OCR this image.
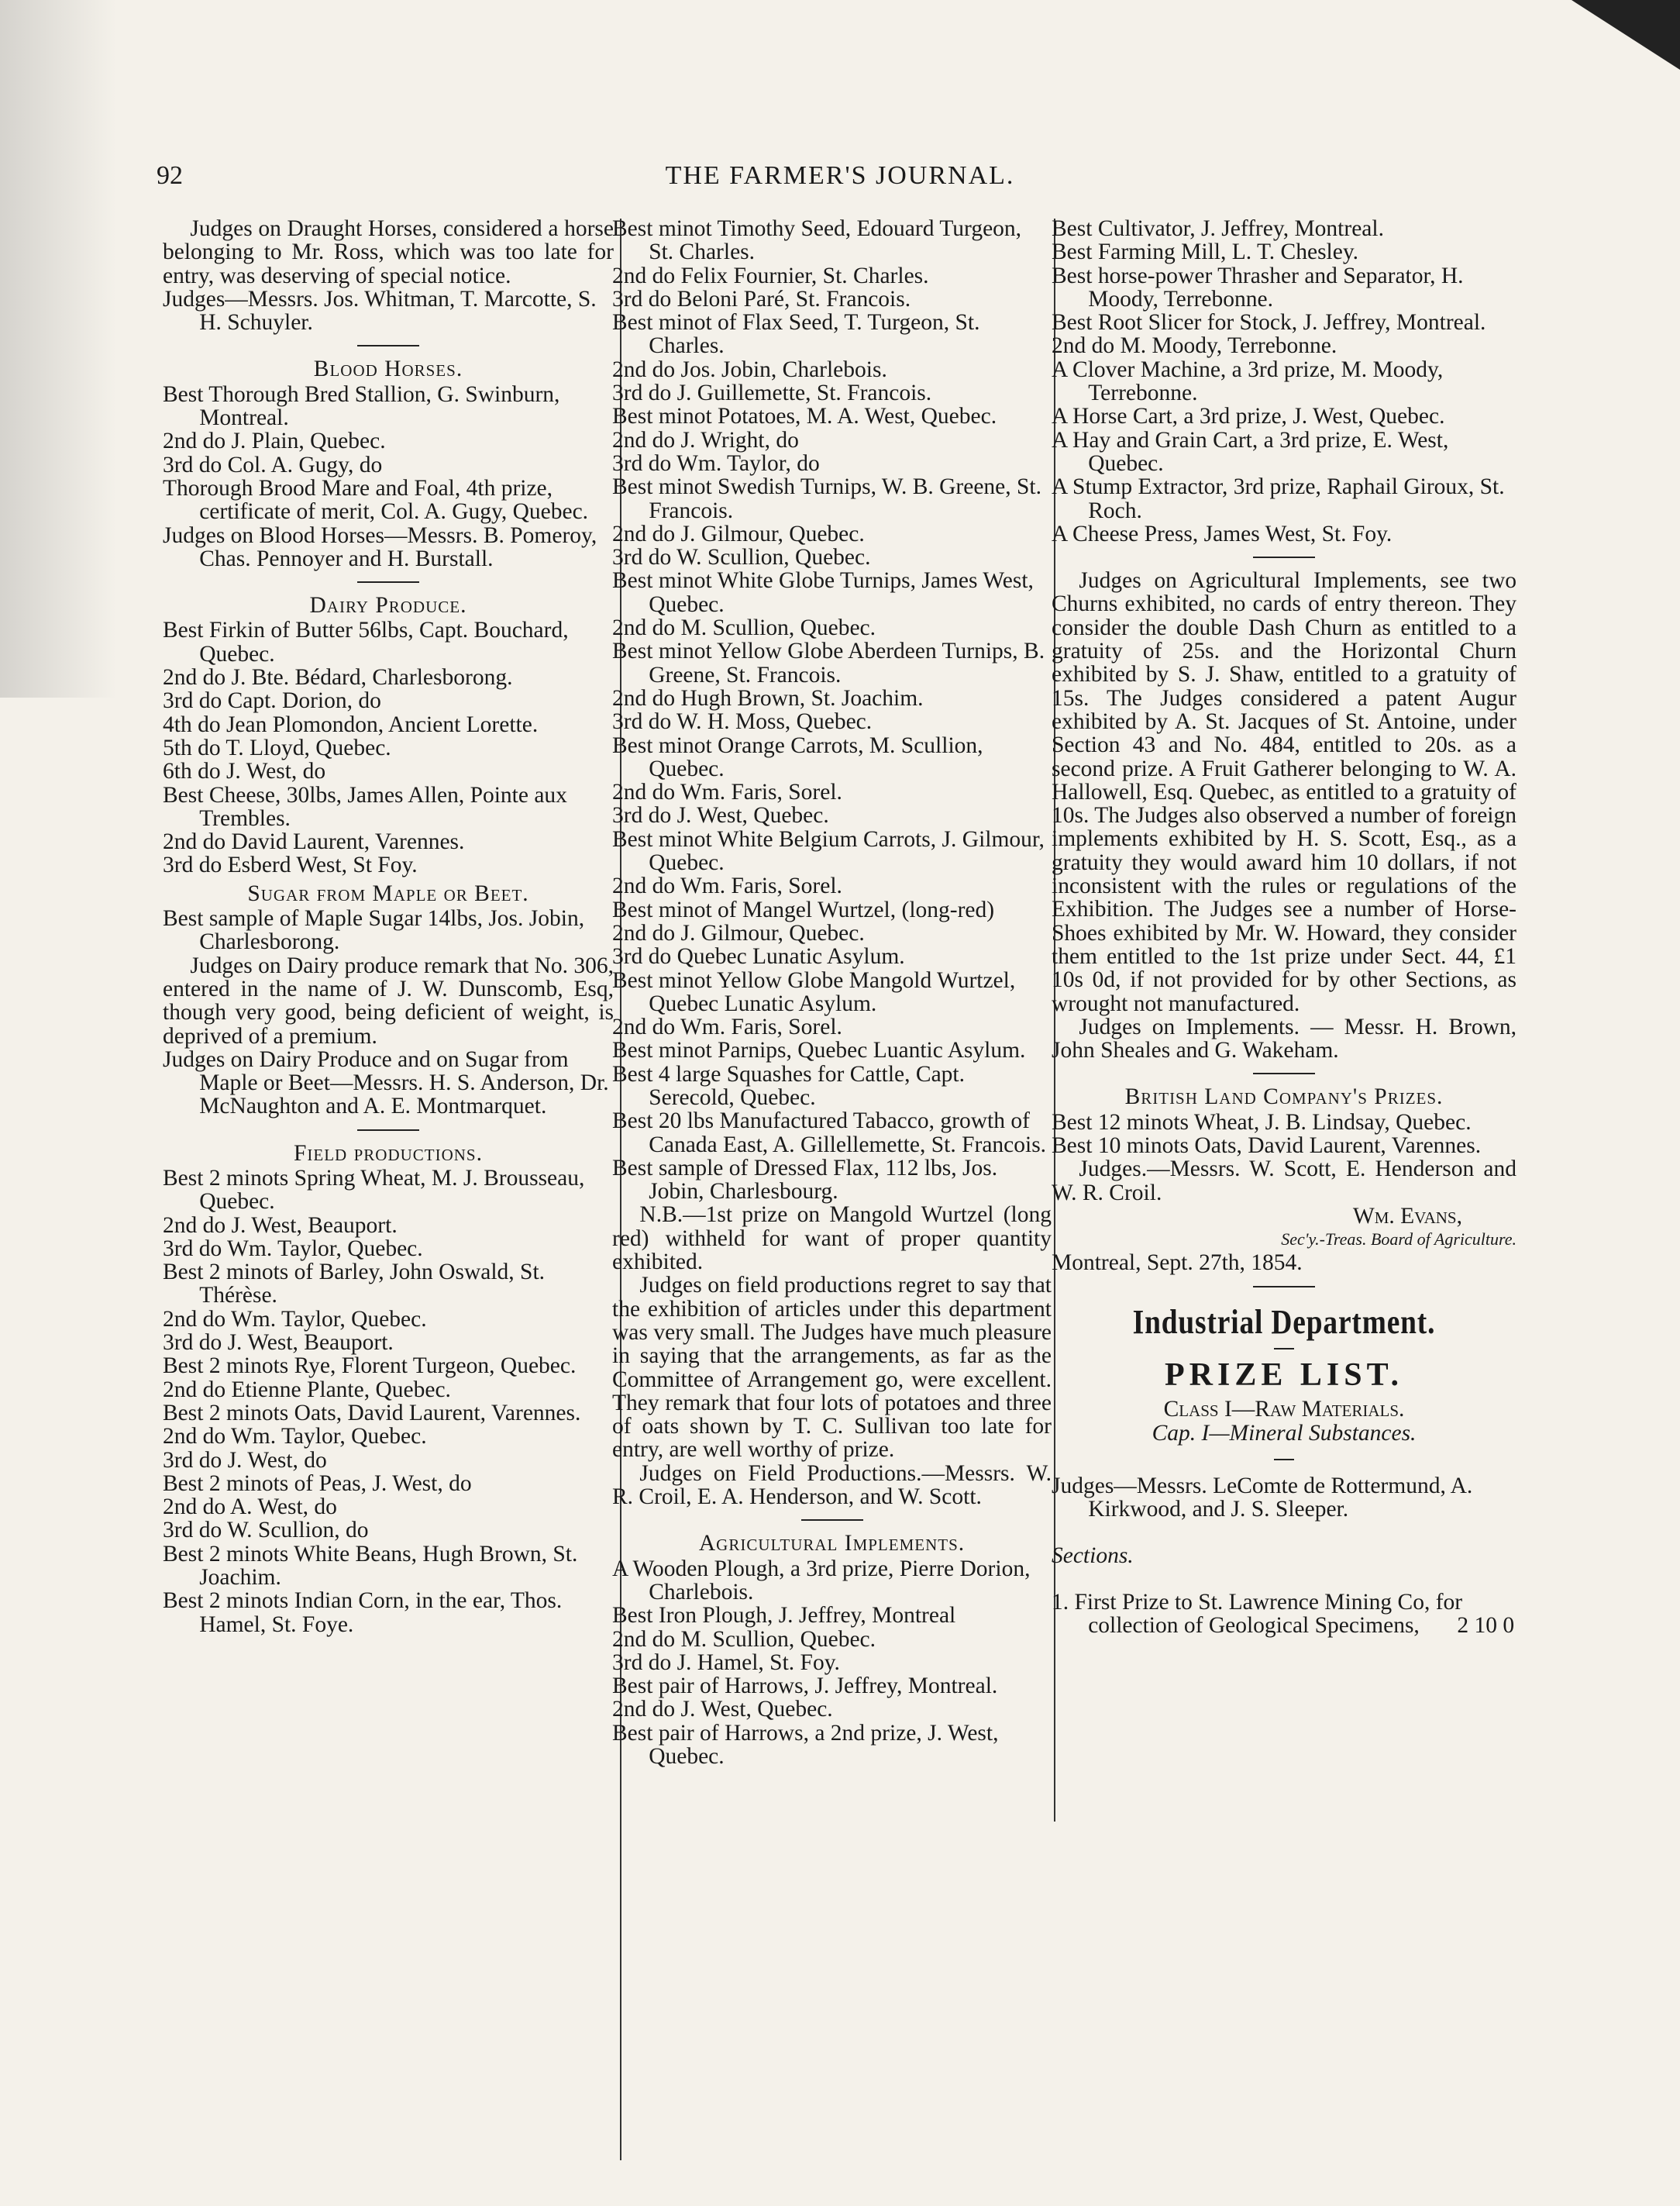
92	THE FARMER'S JOURNAL.

Judges on Draught Horses, considered a horse belonging to Mr. Ross, which was too late for entry, was deserving of special notice.

Judges—Messrs. Jos. Whitman, T. Marcotte, S. H. Schuyler.

Blood Horses.

Best Thorough Bred Stallion, G. Swinburn, Montreal.

2nd do J. Plain, Quebec.

3rd do Col. A. Gugy, do

Thorough Brood Mare and Foal, 4th prize, certificate of merit, Col. A. Gugy, Quebec.

Judges on Blood Horses—Messrs. B. Pomeroy, Chas. Pennoyer and H. Burstall.

Dairy Produce.

Best Firkin of Butter 56lbs, Capt. Bouchard, Quebec.

2nd do J. Bte. Bédard, Charlesborong.

3rd do Capt. Dorion, do

4th do Jean Plomondon, Ancient Lorette.

5th do T. Lloyd, Quebec.

6th do J. West, do

Best Cheese, 30lbs, James Allen, Pointe aux Trembles.

2nd do David Laurent, Varennes.

3rd do Esberd West, St Foy.

Sugar from Maple or Beet.

Best sample of Maple Sugar 14lbs, Jos. Jobin, Charlesborong.

Judges on Dairy produce remark that No. 306, entered in the name of J. W. Dunscomb, Esq, though very good, being deficient of weight, is deprived of a premium.

Judges on Dairy Produce and on Sugar from Maple or Beet—Messrs. H. S. Anderson, Dr. McNaughton and A. E. Montmarquet.

Field productions.

Best 2 minots Spring Wheat, M. J. Brousseau, Quebec.

2nd do J. West, Beauport.

3rd do Wm. Taylor, Quebec.

Best 2 minots of Barley, John Oswald, St. Thérèse.

2nd do Wm. Taylor, Quebec.

3rd do J. West, Beauport.

Best 2 minots Rye, Florent Turgeon, Quebec.

2nd do Etienne Plante, Quebec.

Best 2 minots Oats, David Laurent, Varennes.

2nd do Wm. Taylor, Quebec.

3rd do J. West, do

Best 2 minots of Peas, J. West, do

2nd do A. West, do

3rd do W. Scullion, do

Best 2 minots White Beans, Hugh Brown, St. Joachim.

Best 2 minots Indian Corn, in the ear, Thos. Hamel, St. Foye.

Best minot Timothy Seed, Edouard Turgeon, St. Charles.

2nd do Felix Fournier, St. Charles.

3rd do Beloni Paré, St. Francois.

Best minot of Flax Seed, T. Turgeon, St. Charles.

2nd do Jos. Jobin, Charlebois.

3rd do J. Guillemette, St. Francois.

Best minot Potatoes, M. A. West, Quebec.

2nd do J. Wright, do

3rd do Wm. Taylor, do

Best minot Swedish Turnips, W. B. Greene, St. Francois.

2nd do J. Gilmour, Quebec.

3rd do W. Scullion, Quebec.

Best minot White Globe Turnips, James West, Quebec.

2nd do M. Scullion, Quebec.

Best minot Yellow Globe Aberdeen Turnips, B. Greene, St. Francois.

2nd do Hugh Brown, St. Joachim.

3rd do W. H. Moss, Quebec.

Best minot Orange Carrots, M. Scullion, Quebec.

2nd do Wm. Faris, Sorel.

3rd do J. West, Quebec.

Best minot White Belgium Carrots, J. Gilmour, Quebec.

2nd do Wm. Faris, Sorel.

Best minot of Mangel Wurtzel, (long-red)

2nd do J. Gilmour, Quebec.

3rd do Quebec Lunatic Asylum.

Best minot Yellow Globe Mangold Wurtzel, Quebec Lunatic Asylum.

2nd do Wm. Faris, Sorel.

Best minot Parnips, Quebec Luantic Asylum.

Best 4 large Squashes for Cattle, Capt. Serecold, Quebec.

Best 20 lbs Manufactured Tabacco, growth of Canada East, A. Gillellemette, St. Francois.

Best sample of Dressed Flax, 112 lbs, Jos. Jobin, Charlesbourg.

N.B.—1st prize on Mangold Wurtzel (long red) withheld for want of proper quantity exhibited.

Judges on field productions regret to say that the exhibition of articles under this department was very small. The Judges have much pleasure in saying that the arrangements, as far as the Committee of Arrangement go, were excellent. They remark that four lots of potatoes and three of oats shown by T. C. Sullivan too late for entry, are well worthy of prize.

Judges on Field Productions.—Messrs. W. R. Croil, E. A. Henderson, and W. Scott.

Agricultural Implements.

A Wooden Plough, a 3rd prize, Pierre Dorion, Charlebois.

Best Iron Plough, J. Jeffrey, Montreal

2nd do M. Scullion, Quebec.

3rd do J. Hamel, St. Foy.

Best pair of Harrows, J. Jeffrey, Montreal.

2nd do J. West, Quebec.

Best pair of Harrows, a 2nd prize, J. West, Quebec.

Best Cultivator, J. Jeffrey, Montreal.

Best Farming Mill, L. T. Chesley.

Best horse-power Thrasher and Separator, H. Moody, Terrebonne.

Best Root Slicer for Stock, J. Jeffrey, Montreal.

2nd do M. Moody, Terrebonne.

A Clover Machine, a 3rd prize, M. Moody, Terrebonne.

A Horse Cart, a 3rd prize, J. West, Quebec.

A Hay and Grain Cart, a 3rd prize, E. West, Quebec.

A Stump Extractor, 3rd prize, Raphail Giroux, St. Roch.

A Cheese Press, James West, St. Foy.

Judges on Agricultural Implements, see two Churns exhibited, no cards of entry thereon. They consider the double Dash Churn as entitled to a gratuity of 25s. and the Horizontal Churn exhibited by S. J. Shaw, entitled to a gratuity of 15s. The Judges considered a patent Augur exhibited by A. St. Jacques of St. Antoine, under Section 43 and No. 484, entitled to 20s. as a second prize. A Fruit Gatherer belonging to W. A. Hallowell, Esq. Quebec, as entitled to a gratuity of 10s. The Judges also observed a number of foreign implements exhibited by H. S. Scott, Esq., as a gratuity they would award him 10 dollars, if not inconsistent with the rules or regulations of the Exhibition. The Judges see a number of Horse-Shoes exhibited by Mr. W. Howard, they consider them entitled to the 1st prize under Sect. 44, £1 10s 0d, if not provided for by other Sections, as wrought not manufactured.

Judges on Implements. — Messr. H. Brown, John Sheales and G. Wakeham.

British Land Company's Prizes.

Best 12 minots Wheat, J. B. Lindsay, Quebec.

Best 10 minots Oats, David Laurent, Varennes.

Judges.—Messrs. W. Scott, E. Henderson and W. R. Croil.

Wm. Evans,

Sec'y.-Treas. Board of Agriculture.

Montreal, Sept. 27th, 1854.

Industrial Department.
PRIZE LIST.

Class I—Raw Materials.

Cap. I—Mineral Substances.

Judges—Messrs. LeComte de Rottermund, A. Kirkwood, and J. S. Sleeper.

Sections.

1. First Prize to St. Lawrence Mining Co, for collection of Geological Specimens, 2 10 0
